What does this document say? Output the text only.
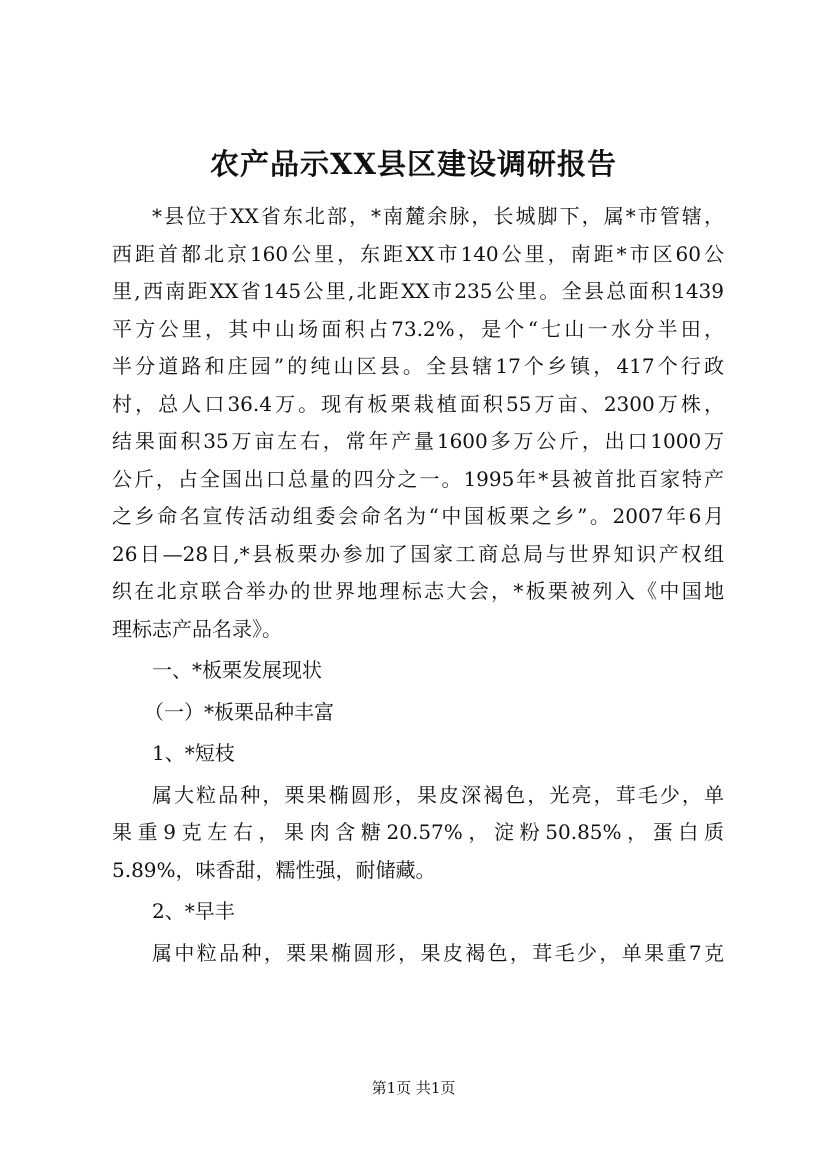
农产品示XX县区建设调研报告
*县位于XX省东北部，*南麓余脉，长城脚下，属*市管辖，
西距首都北京160公里，东距XX市140公里，南距*市区60公
里,西南距XX省145公里,北距XX市235公里。全县总面积1439
平方公里，其中山场面积占73.2%，是个“七山一水分半田，
半分道路和庄园”的纯山区县。全县辖17个乡镇，417个行政
村，总人口36.4万。现有板栗栽植面积55万亩、2300万株，
结果面积35万亩左右，常年产量1600多万公斤，出口1000万
公斤，占全国出口总量的四分之一。1995年*县被首批百家特产
之乡命名宣传活动组委会命名为“中国板栗之乡”。2007年6月
26日—28日,*县板栗办参加了国家工商总局与世界知识产权组
织在北京联合举办的世界地理标志大会，*板栗被列入《中国地
理标志产品名录》。
一、*板栗发展现状
（一）*板栗品种丰富
1、*短枝
属大粒品种，栗果椭圆形，果皮深褐色，光亮，茸毛少，单
果重9克左右，果肉含糖20.57%，淀粉50.85%，蛋白质
5.89%，味香甜，糯性强，耐储藏。
2、*早丰
属中粒品种，栗果椭圆形，果皮褐色，茸毛少，单果重7克
第1页 共1页
